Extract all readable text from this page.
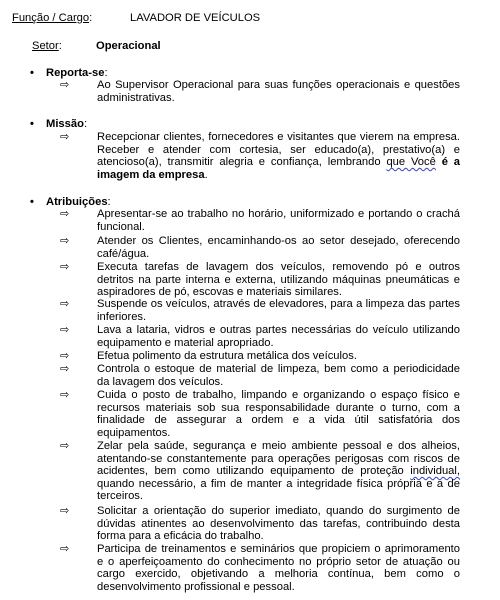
Função / Cargo:	LAVADOR DE VEÍCULOS
Setor:	Operacional
• Reporta-se:
⇨	Ao Supervisor Operacional para suas funções operacionais e questões administrativas.
• Missão:
⇨	Recepcionar clientes, fornecedores e visitantes que vierem na empresa. Receber e atender com cortesia, ser educado(a), prestativo(a) e atencioso(a), transmitir alegria e confiança, lembrando que Você é a imagem da empresa.
• Atribuições:
⇨	Apresentar-se ao trabalho no horário, uniformizado e portando o crachá funcional.
⇨	Atender os Clientes, encaminhando-os ao setor desejado, oferecendo café/água.
⇨	Executa tarefas de lavagem dos veículos, removendo pó e outros detritos na parte interna e externa, utilizando máquinas pneumáticas e aspiradores de pó, escovas e materiais similares.
⇨	Suspende os veículos, através de elevadores, para a limpeza das partes inferiores.
⇨	Lava a lataria, vidros e outras partes necessárias do veículo utilizando equipamento e material apropriado.
⇨	Efetua polimento da estrutura metálica dos veículos.
⇨	Controla o estoque de material de limpeza, bem como a periodicidade da lavagem dos veículos.
⇨	Cuida o posto de trabalho, limpando e organizando o espaço físico e recursos materiais sob sua responsabilidade durante o turno, com a finalidade de assegurar a ordem e a vida útil satisfatória dos equipamentos.
⇨	Zelar pela saúde, segurança e meio ambiente pessoal e dos alheios, atentando-se constantemente para operações perigosas com riscos de acidentes, bem como utilizando equipamento de proteção individual, quando necessário, a fim de manter a integridade física própria e a de terceiros.
⇨	Solicitar a orientação do superior imediato, quando do surgimento de dúvidas atinentes ao desenvolvimento das tarefas, contribuindo desta forma para a eficácia do trabalho.
⇨	Participa de treinamentos e seminários que propiciem o aprimoramento e o aperfeiçoamento do conhecimento no próprio setor de atuação ou cargo exercido, objetivando a melhoria contínua, bem como o desenvolvimento profissional e pessoal.
